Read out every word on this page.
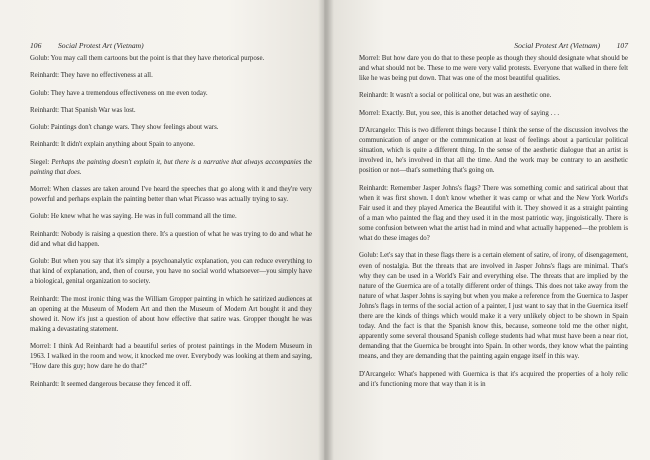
106 Social Protest Art (Vietnam)

Golub: You may call them cartoons but the point is that they have rhetorical purpose.

Reinhardt: They have no effectiveness at all.

Golub: They have a tremendous effectiveness on me even today.

Reinhardt: That Spanish War was lost.

Golub: Paintings don't change wars. They show feelings about wars.

Reinhardt: It didn't explain anything about Spain to anyone.

Siegel: Perhaps the painting doesn't explain it, but there is a narrative that always accompanies the painting that does.

Morrel: When classes are taken around I've heard the speeches that go along with it and they're very powerful and perhaps explain the painting better than what Picasso was actually trying to say.

Golub: He knew what he was saying. He was in full command all the time.

Reinhardt: Nobody is raising a question there. It's a question of what he was trying to do and what he did and what did happen.

Golub: But when you say that it's simply a psychoanalytic explanation, you can reduce everything to that kind of explanation, and, then of course, you have no social world whatsoever—you simply have a biological, genital organization to society.

Reinhardt: The most ironic thing was the William Gropper painting in which he satirized audiences at an opening at the Museum of Modern Art and then the Museum of Modern Art bought it and they showed it. Now it's just a question of about how effective that satire was. Gropper thought he was making a devastating statement.

Morrel: I think Ad Reinhardt had a beautiful series of protest paintings in the Modern Museum in 1963. I walked in the room and wow, it knocked me over. Everybody was looking at them and saying, "How dare this guy; how dare he do that?"

Reinhardt: It seemed dangerous because they fenced it off.

Social Protest Art (Vietnam) 107

Morrel: But how dare you do that to these people as though they should designate what should be and what should not be. These to me were very valid protests. Everyone that walked in there felt like he was being put down. That was one of the most beautiful qualities.

Reinhardt: It wasn't a social or political one, but was an aesthetic one.

Morrel: Exactly. But, you see, this is another detached way of saying . . .

D'Arcangelo: This is two different things because I think the sense of the discussion involves the communication of anger or the communication at least of feelings about a particular political situation, which is quite a different thing. In the sense of the aesthetic dialogue that an artist is involved in, he's involved in that all the time. And the work may be contrary to an aesthetic position or not—that's something that's going on.

Reinhardt: Remember Jasper Johns's flags? There was something comic and satirical about that when it was first shown. I don't know whether it was camp or what and the New York World's Fair used it and they played America the Beautiful with it. They showed it as a straight painting of a man who painted the flag and they used it in the most patriotic way, jingoistically. There is some confusion between what the artist had in mind and what actually happened—the problem is what do these images do?

Golub: Let's say that in these flags there is a certain element of satire, of irony, of disengagement, even of nostalgia. But the threats that are involved in Jasper Johns's flags are minimal. That's why they can be used in a World's Fair and everything else. The threats that are implied by the nature of the Guernica are of a totally different order of things. This does not take away from the nature of what Jasper Johns is saying but when you make a reference from the Guernica to Jasper Johns's flags in terms of the social action of a painter, I just want to say that in the Guernica itself there are the kinds of things which would make it a very unlikely object to be shown in Spain today. And the fact is that the Spanish know this, because, someone told me the other night, apparently some several thousand Spanish college students had what must have been a near riot, demanding that the Guernica be brought into Spain. In other words, they know what the painting means, and they are demanding that the painting again engage itself in this way.

D'Arcangelo: What's happened with Guernica is that it's acquired the properties of a holy relic and it's functioning more that way than it is in
